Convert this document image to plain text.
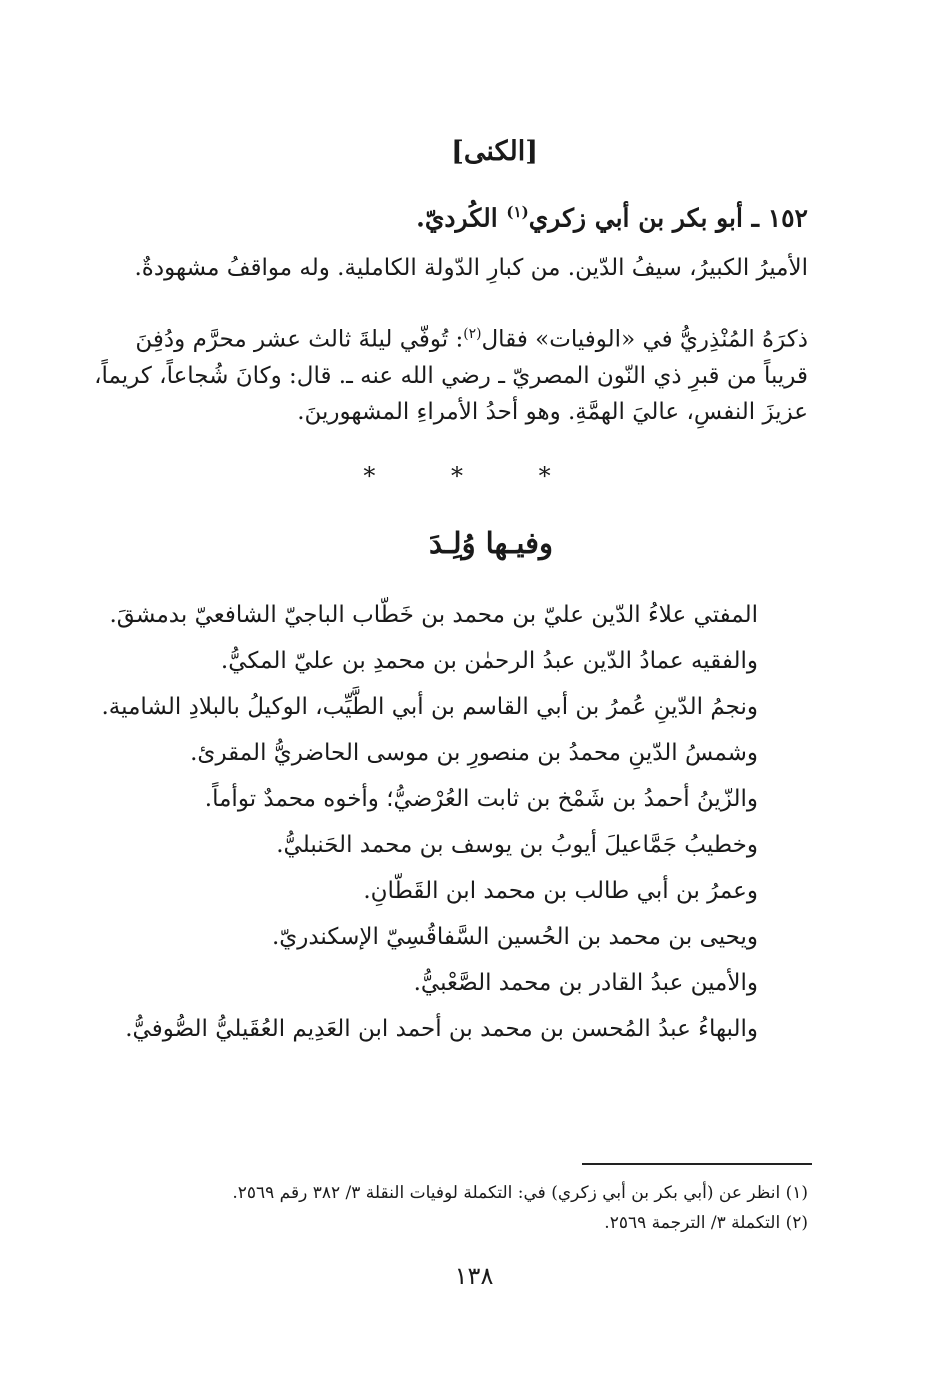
[الكنى]
١٥٢ ـ أبو بكر بن أبي زكري$^{(١)}$ الكُرديّ.
الأميرُ الكبيرُ، سيفُ الدّين. من كبارِ الدّولة الكاملية. وله مواقفُ مشهودةٌ.
ذكرَهُ المُنْذِريُّ في «الوفيات» فقال$^{(٢)}$: تُوفّي ليلةَ ثالث عشر محرَّم ودُفِنَ
قريباً من قبرِ ذي النّون المصريّ ـ رضي الله عنه ـ. قال: وكانَ شُجاعاً، كريماً،
عزيزَ النفسِ، عاليَ الهمَّةِ. وهو أحدُ الأمراءِ المشهورينَ.
* * *
وفيـها وُلِـدَ
المفتي علاءُ الدّين عليّ بن محمد بن خَطّاب الباجيّ الشافعيّ بدمشقَ.
والفقيه عمادُ الدّين عبدُ الرحمٰن بن محمدِ بن عليّ المكيُّ.
ونجمُ الدّينِ عُمرُ بن أبي القاسم بن أبي الطَّيِّب، الوكيلُ بالبلادِ الشامية.
وشمسُ الدّينِ محمدُ بن منصورِ بن موسى الحاضريُّ المقرئ.
والزّينُ أحمدُ بن شَمْخ بن ثابت العُرْضيُّ؛ وأخوه محمدٌ توأماً.
وخطيبُ جَمَّاعيلَ أيوبُ بن يوسف بن محمد الحَنبليُّ.
وعمرُ بن أبي طالب بن محمد ابن القَطّانِ.
ويحيى بن محمد بن الحُسين السَّفاقُسِيّ الإسكندريّ.
والأمين عبدُ القادر بن محمد الصَّعْبيُّ.
والبهاءُ عبدُ المُحسن بن محمد بن أحمد ابن العَدِيم العُقَيليُّ الصُّوفيُّ.
(١) انظر عن (أبي بكر بن أبي زكري) في: التكملة لوفيات النقلة ٣/ ٣٨٢ رقم ٢٥٦٩.
(٢) التكملة ٣/ الترجمة ٢٥٦٩.
١٣٨
